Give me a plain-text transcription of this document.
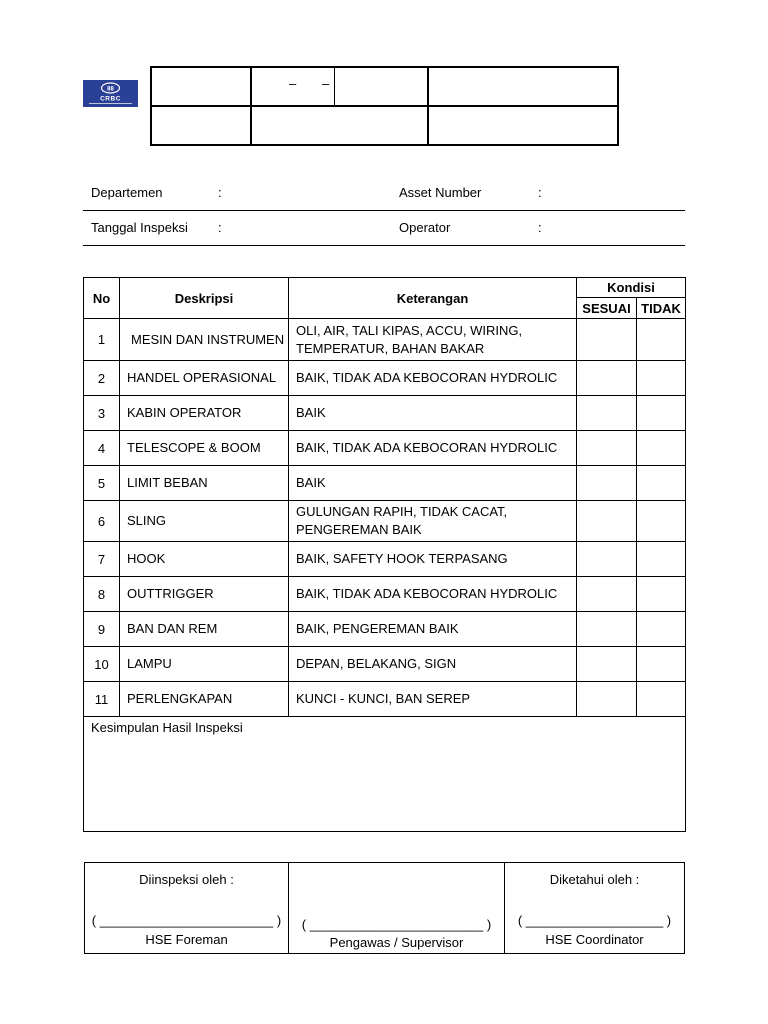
88
CRBC
– –
Departemen	:	Asset Number	:
Tanggal Inspeksi :	Operator	:
No	Deskripsi	Keterangan	Kondisi	
			SESUAI	TIDAK
1	MESIN DAN INSTRUMEN	OLI, AIR, TALI KIPAS, ACCU, WIRING, TEMPERATUR, BAHAN BAKAR		
2	HANDEL OPERASIONAL	BAIK, TIDAK ADA KEBOCORAN HYDROLIC		
3	KABIN OPERATOR	BAIK		
4	TELESCOPE & BOOM	BAIK, TIDAK ADA KEBOCORAN HYDROLIC		
5	LIMIT BEBAN	BAIK		
6	SLING	GULUNGAN RAPIH, TIDAK CACAT, PENGEREMAN BAIK		
7	HOOK	BAIK, SAFETY HOOK TERPASANG		
8	OUTTRIGGER	BAIK, TIDAK ADA KEBOCORAN HYDROLIC		
9	BAN DAN REM	BAIK, PENGEREMAN BAIK		
10	LAMPU	DEPAN, BELAKANG, SIGN		
11	PERLENGKAPAN	KUNCI - KUNCI, BAN SEREP		
Kesimpulan Hasil Inspeksi				
Diinspeksi oleh :
( ________________________ )
HSE Foreman

( ________________________ )
Pengawas / Supervisor

Diketahui oleh :
( ___________________ )
HSE Coordinator
